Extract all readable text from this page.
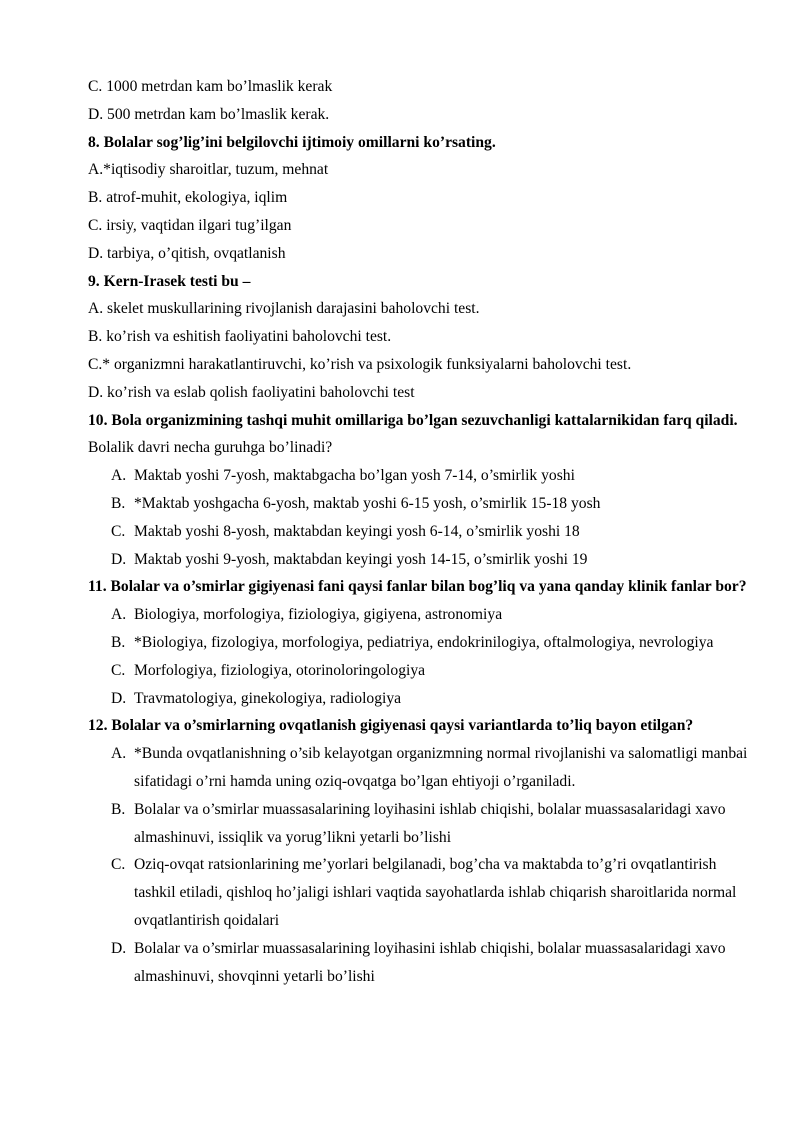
C. 1000 metrdan kam bo’lmaslik kerak
D. 500 metrdan kam bo’lmaslik kerak.
8. Bolalar sog’lig’ini belgilovchi ijtimoiy omillarni ko’rsating.
A.*iqtisodiy sharoitlar, tuzum, mehnat
B. atrof-muhit, ekologiya, iqlim
C. irsiy, vaqtidan ilgari tug’ilgan
D. tarbiya, o’qitish, ovqatlanish
9. Kern-Irasek testi bu –
A. skelet muskullarining rivojlanish darajasini baholovchi test.
B. ko’rish va eshitish faoliyatini baholovchi test.
C.* organizmni harakatlantiruvchi, ko’rish va psixologik funksiyalarni baholovchi test.
D. ko’rish va eslab qolish faoliyatini baholovchi test
10. Bola organizmining tashqi muhit omillariga bo’lgan sezuvchanligi kattalarnikidan farq qiladi. Bolalik davri necha guruhga bo’linadi?
A. Maktab yoshi 7-yosh, maktabgacha bo’lgan yosh 7-14, o’smirlik yoshi
B. *Maktab yoshgacha 6-yosh, maktab yoshi 6-15 yosh, o’smirlik 15-18 yosh
C. Maktab yoshi 8-yosh, maktabdan keyingi yosh 6-14, o’smirlik yoshi 18
D. Maktab yoshi 9-yosh, maktabdan keyingi yosh 14-15, o’smirlik yoshi 19
11. Bolalar va o’smirlar gigiyenasi fani qaysi fanlar bilan bog’liq va yana qanday klinik fanlar bor?
A. Biologiya, morfologiya, fiziologiya, gigiyena, astronomiya
B. *Biologiya, fizologiya, morfologiya, pediatriya, endokrinilogiya, oftalmologiya, nevrologiya
C. Morfologiya, fiziologiya, otorinoloringologiya
D. Travmatologiya, ginekologiya, radiologiya
12. Bolalar va o’smirlarning ovqatlanish gigiyenasi qaysi variantlarda to’liq bayon etilgan?
A. *Bunda ovqatlanishning o’sib kelayotgan organizmning normal rivojlanishi va salomatligi manbai sifatidagi o’rni hamda uning oziq-ovqatga bo’lgan ehtiyoji o’rganiladi.
B. Bolalar va o’smirlar muassasalarining loyihasini ishlab chiqishi, bolalar muassasalaridagi xavo almashinuvi, issiqlik va yorug’likni yetarli bo’lishi
C. Oziq-ovqat ratsionlarining me’yorlari belgilanadi, bog’cha va maktabda to’g’ri ovqatlantirish tashkil etiladi, qishloq ho’jaligi ishlari vaqtida sayohatlarda ishlab chiqarish sharoitlarida normal ovqatlantirish qoidalari
D. Bolalar va o’smirlar muassasalarining loyihasini ishlab chiqishi, bolalar muassasalaridagi xavo almashinuvi, shovqinni yetarli bo’lishi
